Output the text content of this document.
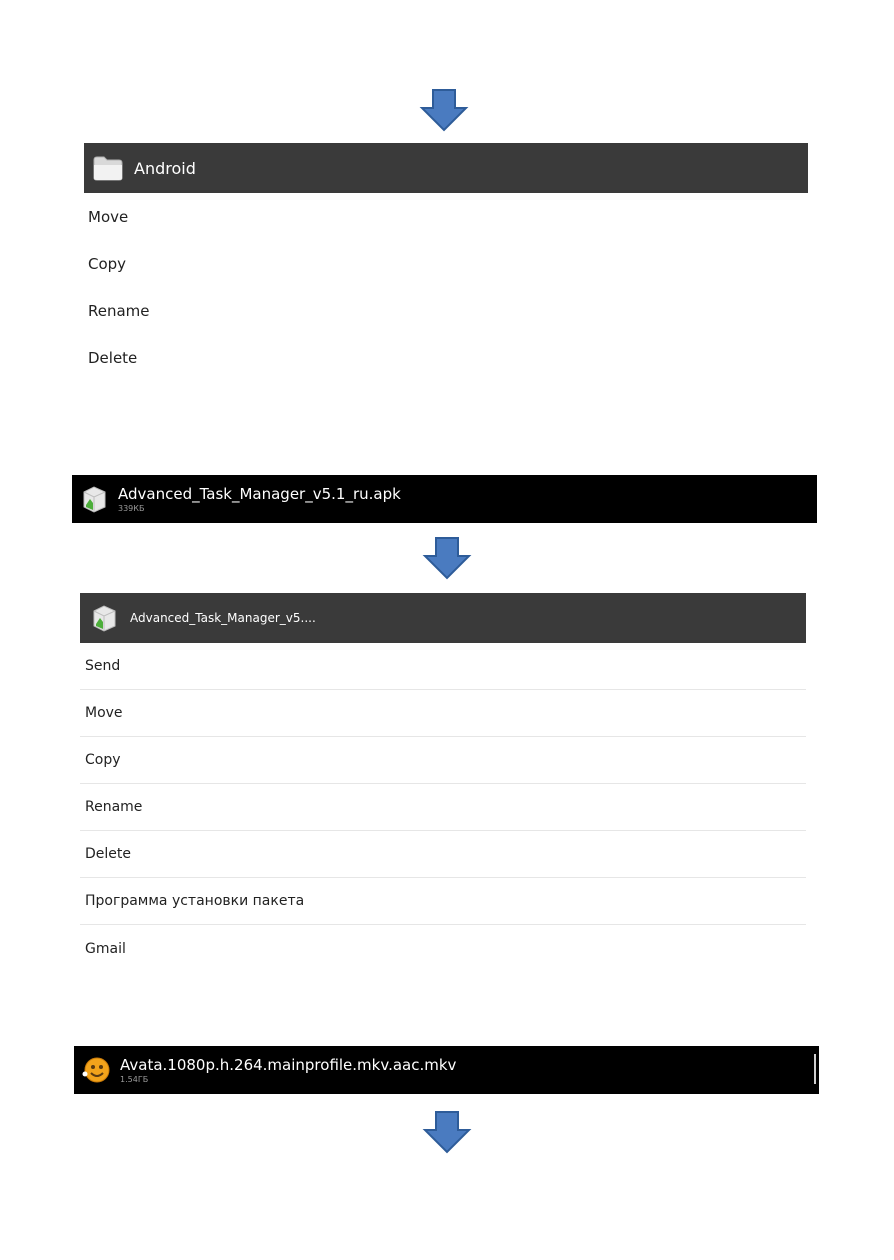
Android
Move
Copy
Rename
Delete
Advanced_Task_Manager_v5.1_ru.apk
339КБ
Advanced_Task_Manager_v5....
Send
Move
Copy
Rename
Delete
Программа установки пакета
Gmail
Avata.1080p.h.264.mainprofile.mkv.aac.mkv
1.54ГБ
